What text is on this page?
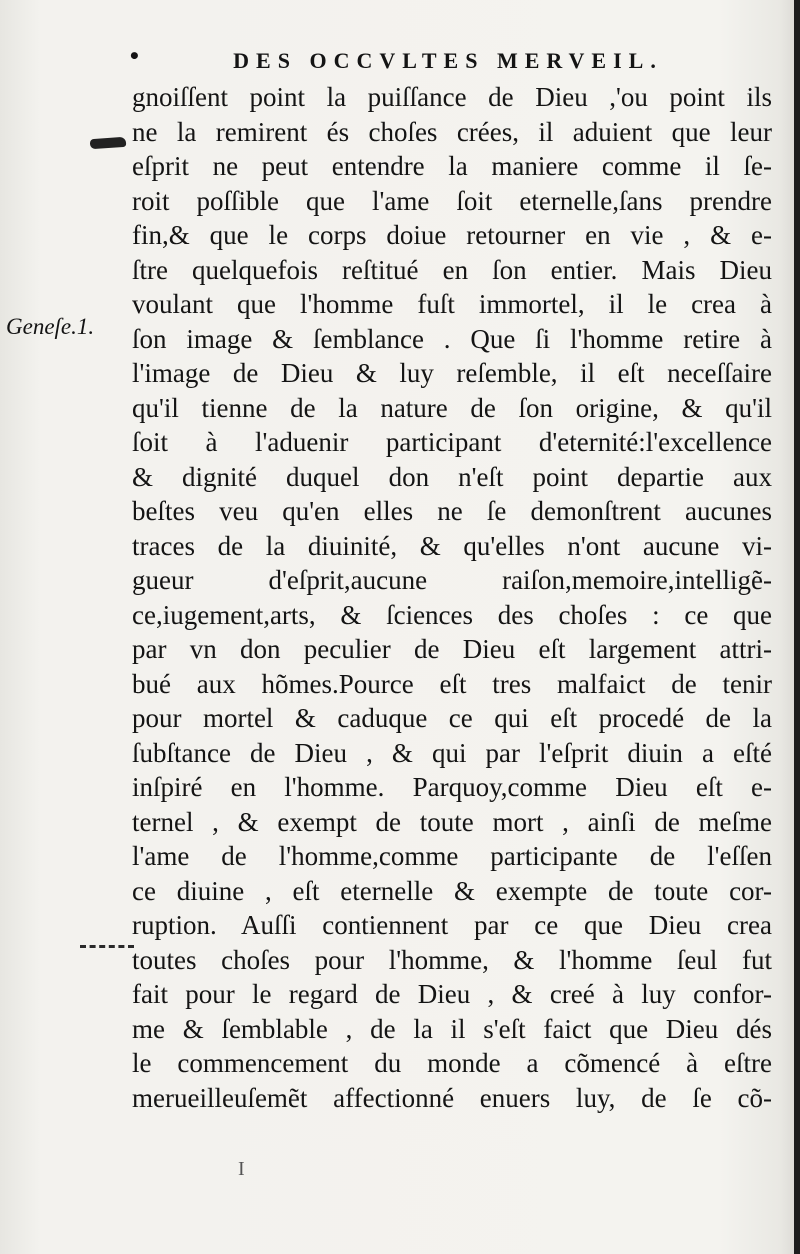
•	DES OCCVLTES MERVEIL.
Geneſe.1.
gnoiſſent point la puiſſance de Dieu ,'ou point ils
ne la remirent és choſes crées, il aduient que leur
eſprit ne peut entendre la maniere comme il ſe-
roit poſſible que l'ame ſoit eternelle,ſans prendre
fin,& que le corps doiue retourner en vie , & e-
ſtre quelquefois reſtitué en ſon entier. Mais Dieu
voulant que l'homme fuſt immortel, il le crea à
ſon image & ſemblance . Que ſi l'homme retire à
l'image de Dieu & luy reſemble, il eſt neceſſaire
qu'il tienne de la nature de ſon origine, & qu'il
ſoit à l'aduenir participant d'eternité:l'excellence
& dignité duquel don n'eſt point departie aux
beſtes veu qu'en elles ne ſe demonſtrent aucunes
traces de la diuinité, & qu'elles n'ont aucune vi-
gueur d'eſprit,aucune raiſon,memoire,intelligẽ-
ce,iugement,arts, & ſciences des choſes : ce que
par vn don peculier de Dieu eſt largement attri-
bué aux hõmes.Pource eſt tres malfaict de tenir
pour mortel & caduque ce qui eſt procedé de la
ſubſtance de Dieu , & qui par l'eſprit diuin a eſté
inſpiré en l'homme. Parquoy,comme Dieu eſt e-
ternel , & exempt de toute mort , ainſi de meſme
l'ame de l'homme,comme participante de l'eſſen
ce diuine , eſt eternelle & exempte de toute cor-
ruption. Auſſi contiennent par ce que Dieu crea
toutes choſes pour l'homme, & l'homme ſeul fut
fait pour le regard de Dieu , & creé à luy confor-
me & ſemblable , de la il s'eſt faict que Dieu dés
le commencement du monde a cõmencé à eſtre
merueilleuſemẽt affectionné enuers luy, de ſe cõ-
I
